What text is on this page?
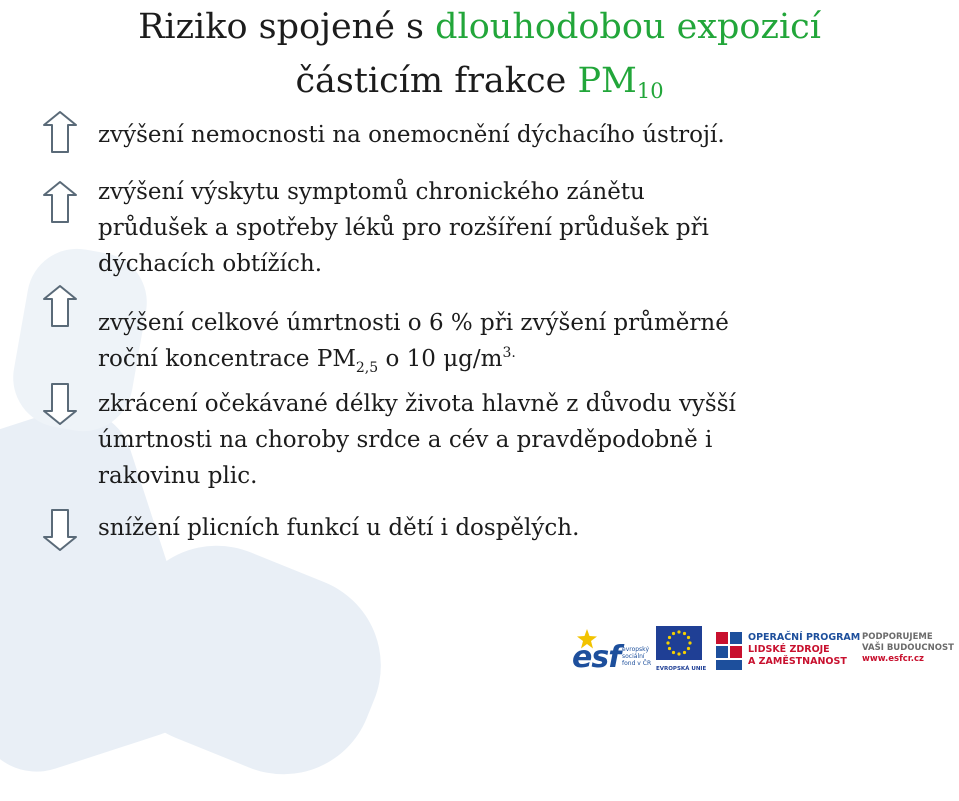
Riziko spojené s dlouhodobou expozicí
částicím frakce $PM_{10}$
zvýšení nemocnosti na onemocnění dýchacího ústrojí.
zvýšení výskytu symptomů chronického zánětu
průdušek a spotřeby léků pro rozšíření průdušek při
dýchacích obtížích.
zvýšení celkové úmrtnosti o 6 % při zvýšení průměrné
roční koncentrace $PM_{2,5}$ o 10 $\mu g/m^{3.}$
zkrácení očekávané délky života hlavně z důvodu vyšší
úmrtnosti na choroby srdce a cév a pravděpodobně i
rakovinu plic.
snížení plicních funkcí u dětí i dospělých.
esf evropský
sociální
fond v ČR
EVROPSKÁ UNIE
OPERAČNÍ PROGRAM
LIDSKÉ ZDROJE
A ZAMĚSTNANOST
PODPORUJEME
VAŠI BUDOUCNOST
www.esfcr.cz
